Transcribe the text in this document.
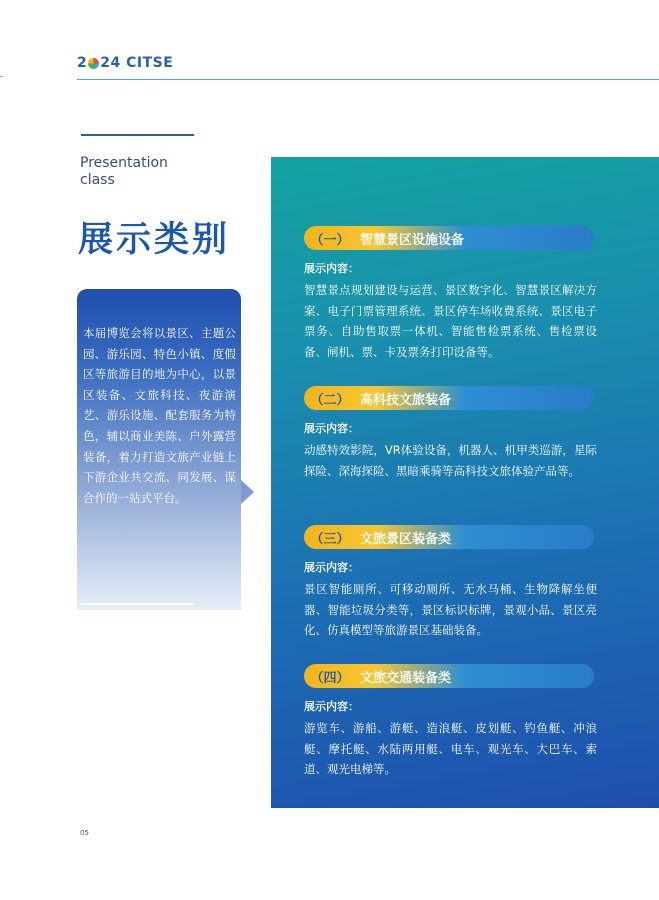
2 24 CITSE
Presentation class
展示类别
本届博览会将以景区、主题公园、游乐园、特色小镇、度假区等旅游目的地为中心，以景区装备、文旅科技、夜游演艺、游乐设施、配套服务为特色，辅以商业美陈、户外露营装备，着力打造文旅产业链上下游企业共交流、同发展、谋合作的一站式平台。
（一） 智慧景区设施设备
展示内容：
智慧景点规划建设与运营、景区数字化、智慧景区解决方案、电子门票管理系统、景区停车场收费系统、景区电子票务、自助售取票一体机、智能售检票系统、售检票设备、闸机、票、卡及票务打印设备等。
（二） 高科技文旅装备
展示内容：
动感特效影院，VR体验设备，机器人、机甲类巡游，星际探险、深海探险、黑暗乘骑等高科技文旅体验产品等。
（三） 文旅景区装备类
展示内容：
景区智能厕所、可移动厕所、无水马桶、生物降解坐便器、智能垃圾分类等，景区标识标牌，景观小品、景区亮化、仿真模型等旅游景区基础装备。
（四） 文旅交通装备类
展示内容：
游览车、游船、游艇、造浪艇、皮划艇、钓鱼艇、冲浪艇、摩托艇、水陆两用艇、电车、观光车、大巴车、索道、观光电梯等。
05
